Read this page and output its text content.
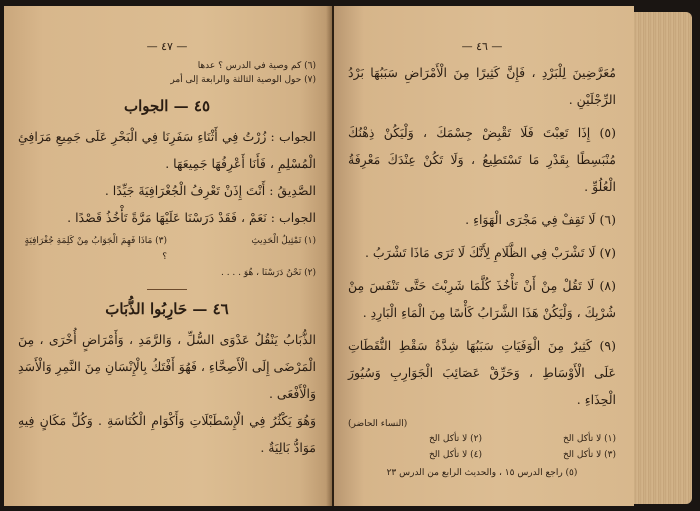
— ٤٧ —

(٦) كم وصية في الدرس ؟ عدها

(٧) حول الوصية الثالثة والرابعة إلى أمر

٤٥ — الجواب

الجواب : زُرْتُ فِي أَثْنَاءِ سَفَرِنَا فِي الْبَحْرِ عَلَى جَمِيعِ مَرَافِئِ الْمُسْلِمِ ، فَأَنَا أَعْرِفُهَا جَمِيعَهَا .

الصَّدِيقُ : أَنْتَ إِذَنْ تَعْرِفُ الْجُغْرَافِيَةَ جَيِّدًا .

الجواب : نَعَمْ ، فَقَدْ دَرَسْنَا عَلَيْهَا مَرَّةً تَأْخُذُ قَصْدًا .

(١) تَمْثِيلُ الْحَدِيثِ
(٣) مَاذَا فَهِمَ الْجَوَابُ مِنْ كَلِمَةِ جُغْرَافِيَةٍ ؟
(٢) نَحْنُ دَرَسْنَا ، هُوَ . . . .
٤٦ — حَارِبُوا الذُّبَابَ

الذُّبَابُ يَنْقُلُ عَدْوَى السُّلِّ ، وَالرَّمَدِ ، وَأَمْرَاضٍ أُخْرَى ، مِنَ الْمَرْضَى إِلَى الْأَصِحَّاءِ ، فَهُوَ أَفْتَكُ بِالْإِنْسَانِ مِنَ النَّمِرِ وَالْأَسَدِ وَالْأَفْعَى .

وَهُوَ يَكْثُرُ فِي الْإِسْطَبْلَاتِ وَأَكْوَامِ الْكُنَاسَةِ . وَكُلِّ مَكَانٍ فِيهِ مَوَادُّ بَالِيَةٌ .

— ٤٦ —

مُعَرَّضِينَ لِلْبَرْدِ ، فَإِنَّ كَثِيرًا مِنَ الْأَمْرَاضِ سَبَبُهَا بَرْدُ الرِّجْلَيْنِ .

(٥) إِذَا تَعِبْتَ فَلَا تَقْبِضْ جِسْمَكَ ، وَلْيَكُنْ ذِهْنُكَ مُنْبَسِطًا بِقَدْرِ مَا تَسْتَطِيعُ ، وَلَا تَكُنْ عِنْدَكَ مَعْرِفَةُ الْعُلُوِّ .

(٦) لَا تَقِفْ فِي مَجْرَى الْهَوَاءِ .

(٧) لَا تَشْرَبْ فِي الظَّلَامِ لِأَنَّكَ لَا تَرَى مَاذَا تَشْرَبُ .

(٨) لَا تَقُلْ مِنْ أَنْ تَأْخُذَ كُلَّمَا شَرِبْتَ حَتَّى تَنْفَسَ مِنْ شُرْبِكَ ، وَلْيَكُنْ هَذَا الشَّرَابُ كَأْسًا مِنَ الْمَاءِ الْبَارِدِ .

(٩) كَثِيرٌ مِنَ الْوَفَيَاتِ سَبَبُهَا شِدَّةُ سَقْطِ النُّقَطَاتِ عَلَى الْأَوْسَاطِ ، وَحَرِّقْ عَصَائِبَ الْجَوَارِبِ وَسُيُورَ الْحِذَاءِ .

(النساء الحاضر)
(١) لا تأكل الخ
(٢) لا تأكل الخ
(٣) لا تأكل الخ
(٤) لا تأكل الخ
(٥) راجع الدرس ١٥ ، والحديث الرابع من الدرس ٢٣
